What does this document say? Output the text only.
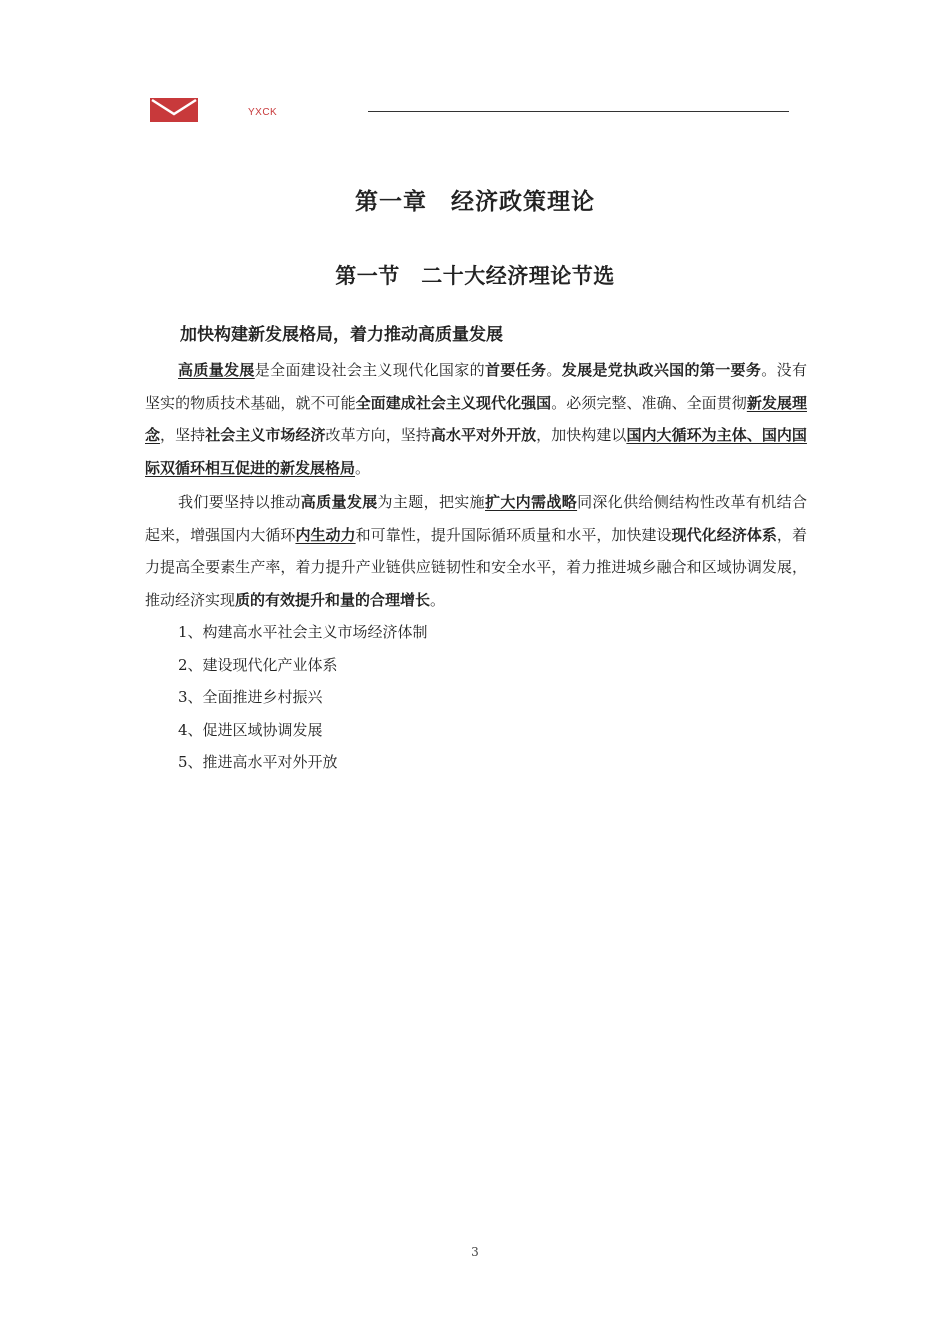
YXCK
第一章　经济政策理论
第一节　二十大经济理论节选
加快构建新发展格局，着力推动高质量发展

高质量发展是全面建设社会主义现代化国家的首要任务。发展是党执政兴国的第一要务。没有坚实的物质技术基础，就不可能全面建成社会主义现代化强国。必须完整、准确、全面贯彻新发展理念，坚持社会主义市场经济改革方向，坚持高水平对外开放，加快构建以国内大循环为主体、国内国际双循环相互促进的新发展格局。

我们要坚持以推动高质量发展为主题，把实施扩大内需战略同深化供给侧结构性改革有机结合起来，增强国内大循环内生动力和可靠性，提升国际循环质量和水平，加快建设现代化经济体系，着力提高全要素生产率，着力提升产业链供应链韧性和安全水平，着力推进城乡融合和区域协调发展，推动经济实现质的有效提升和量的合理增长。

1、构建高水平社会主义市场经济体制
2、建设现代化产业体系
3、全面推进乡村振兴
4、促进区域协调发展
5、推进高水平对外开放
3
